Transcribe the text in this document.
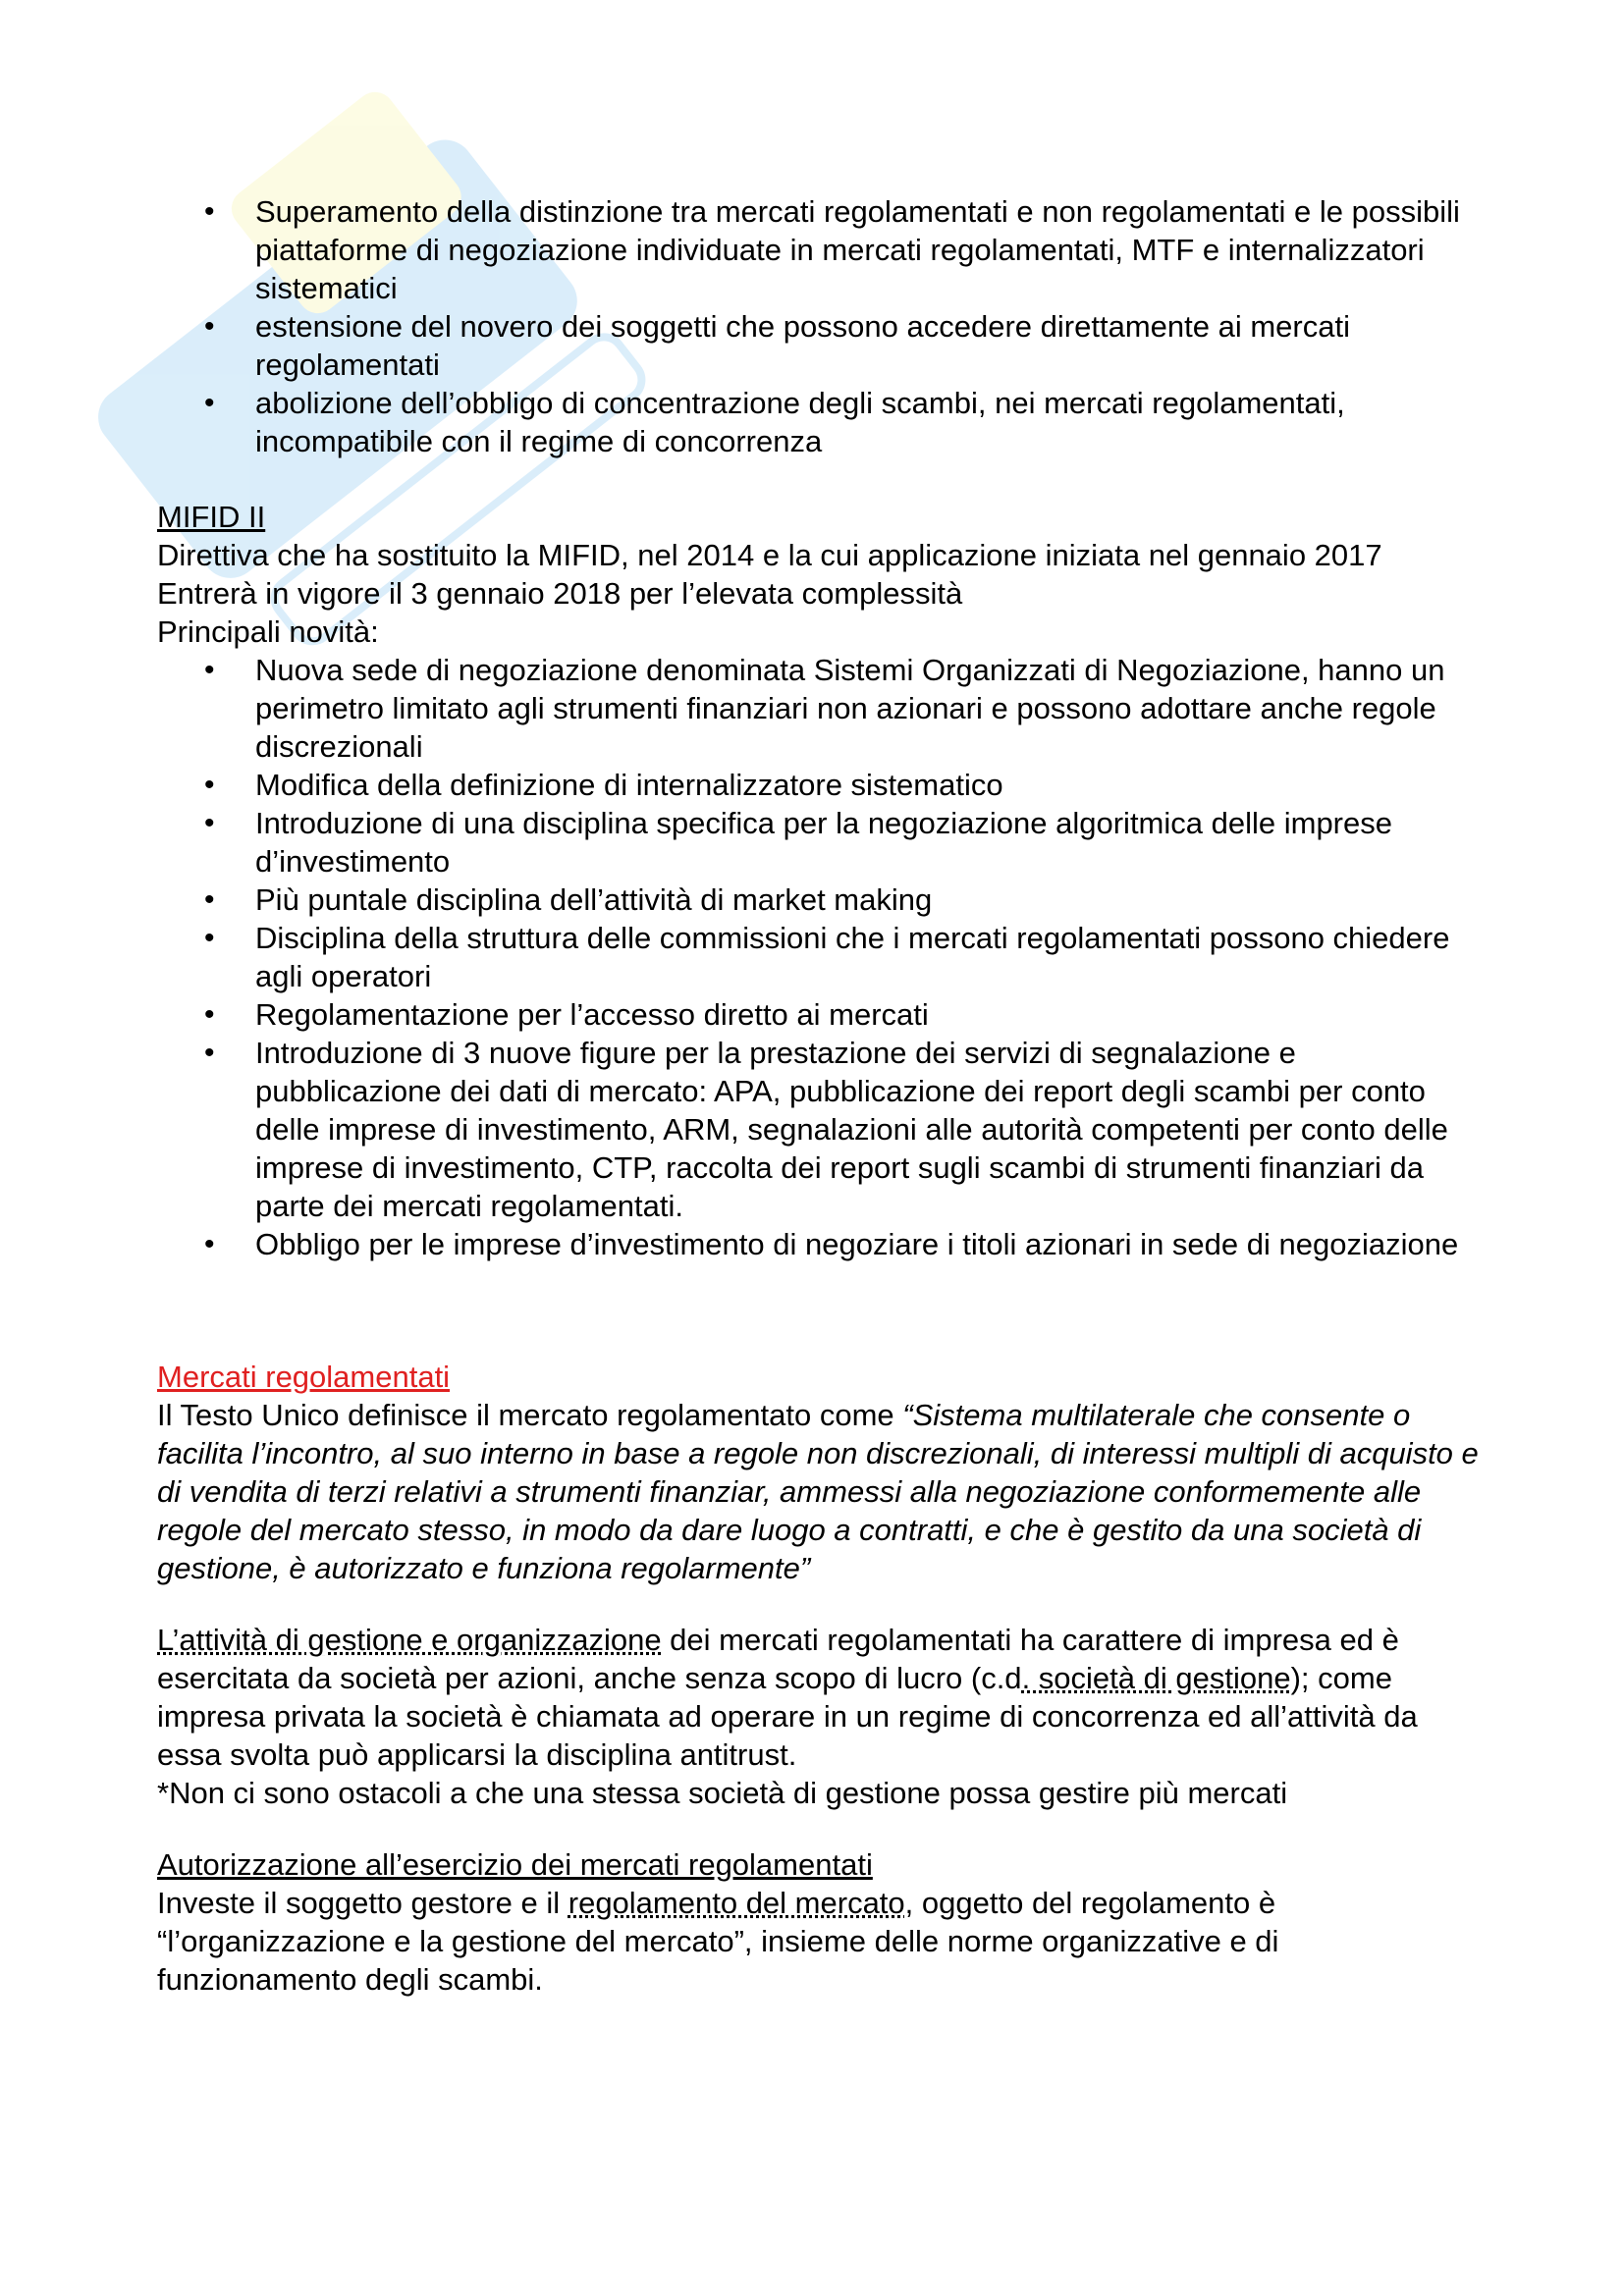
• Superamento della distinzione tra mercati regolamentati e non regolamentati e le possibili piattaforme di negoziazione individuate in mercati regolamentati, MTF e internalizzatori sistematici
• estensione del novero dei soggetti che possono accedere direttamente ai mercati regolamentati
• abolizione dell’obbligo di concentrazione degli scambi, nei mercati regolamentati, incompatibile con il regime di concorrenza

MIFID II

Direttiva che ha sostituito la MIFID, nel 2014 e la cui applicazione iniziata nel gennaio 2017

Entrerà in vigore il 3 gennaio 2018 per l’elevata complessità

Principali novità:

• Nuova sede di negoziazione denominata Sistemi Organizzati di Negoziazione, hanno un perimetro limitato agli strumenti finanziari non azionari e possono adottare anche regole discrezionali
• Modifica della definizione di internalizzatore sistematico
• Introduzione di una disciplina specifica per la negoziazione algoritmica delle imprese d’investimento
• Più puntale disciplina dell’attività di market making
• Disciplina della struttura delle commissioni che i mercati regolamentati possono chiedere agli operatori
• Regolamentazione per l’accesso diretto ai mercati
• Introduzione di 3 nuove figure per la prestazione dei servizi di segnalazione e pubblicazione dei dati di mercato: APA, pubblicazione dei report degli scambi per conto delle imprese di investimento, ARM, segnalazioni alle autorità competenti per conto delle imprese di investimento, CTP, raccolta dei report sugli scambi di strumenti finanziari da parte dei mercati regolamentati.
• Obbligo per le imprese d’investimento di negoziare i titoli azionari in sede di negoziazione

Mercati regolamentati

Il Testo Unico definisce il mercato regolamentato come “Sistema multilaterale che consente o facilita l’incontro, al suo interno in base a regole non discrezionali, di interessi multipli di acquisto e di vendita di terzi relativi a strumenti finanziar, ammessi alla negoziazione conformemente alle regole del mercato stesso, in modo da dare luogo a contratti, e che è gestito da una società di gestione, è autorizzato e funziona regolarmente”

L’attività di gestione e organizzazione dei mercati regolamentati ha carattere di impresa ed è esercitata da società per azioni, anche senza scopo di lucro (c.d. società di gestione); come impresa privata la società è chiamata ad operare in un regime di concorrenza ed all’attività da essa svolta può applicarsi la disciplina antitrust.

*Non ci sono ostacoli a che una stessa società di gestione possa gestire più mercati

Autorizzazione all’esercizio dei mercati regolamentati

Investe il soggetto gestore e il regolamento del mercato, oggetto del regolamento è “l’organizzazione e la gestione del mercato”, insieme delle norme organizzative e di funzionamento degli scambi.
